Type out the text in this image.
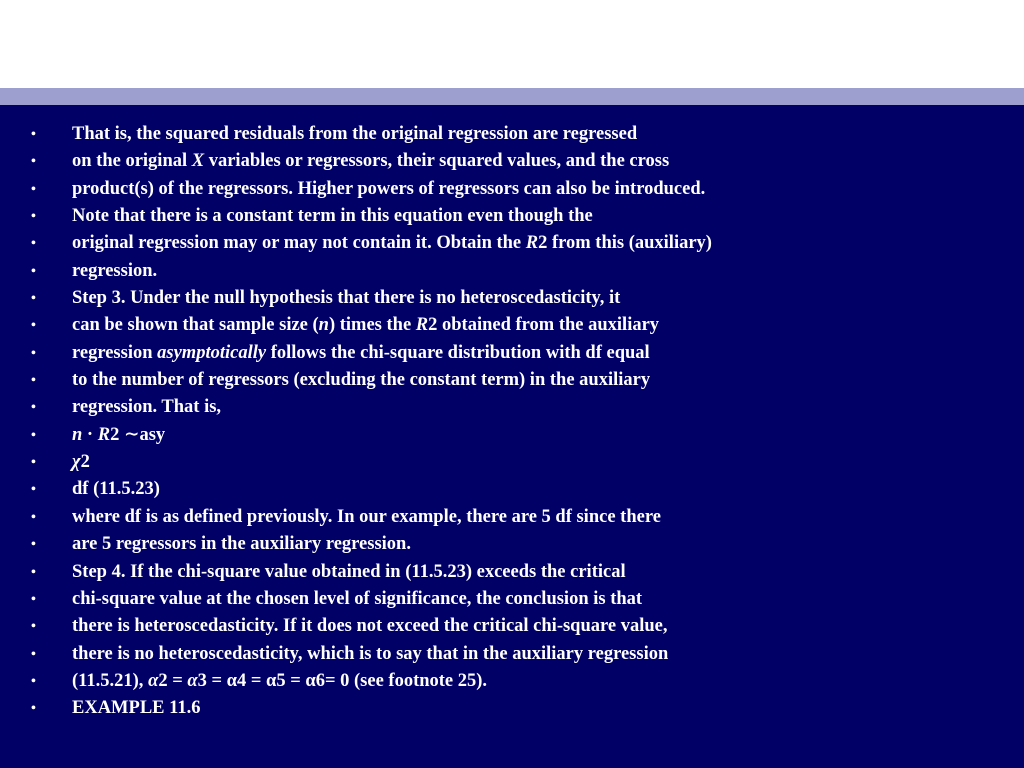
• That is, the squared residuals from the original regression are regressed
• on the original X variables or regressors, their squared values, and the cross
• product(s) of the regressors. Higher powers of regressors can also be introduced.
• Note that there is a constant term in this equation even though the
• original regression may or may not contain it. Obtain the R2 from this (auxiliary)
• regression.
• Step 3. Under the null hypothesis that there is no heteroscedasticity, it
• can be shown that sample size (n) times the R2 obtained from the auxiliary
• regression asymptotically follows the chi-square distribution with df equal
• to the number of regressors (excluding the constant term) in the auxiliary
• regression. That is,
• n · R2 ∼asy
• χ2
• df (11.5.23)
• where df is as defined previously. In our example, there are 5 df since there
• are 5 regressors in the auxiliary regression.
• Step 4. If the chi-square value obtained in (11.5.23) exceeds the critical
• chi-square value at the chosen level of significance, the conclusion is that
• there is heteroscedasticity. If it does not exceed the critical chi-square value,
• there is no heteroscedasticity, which is to say that in the auxiliary regression
• (11.5.21), α2 = α3 = α4 = α5 = α6= 0 (see footnote 25).
• EXAMPLE 11.6
